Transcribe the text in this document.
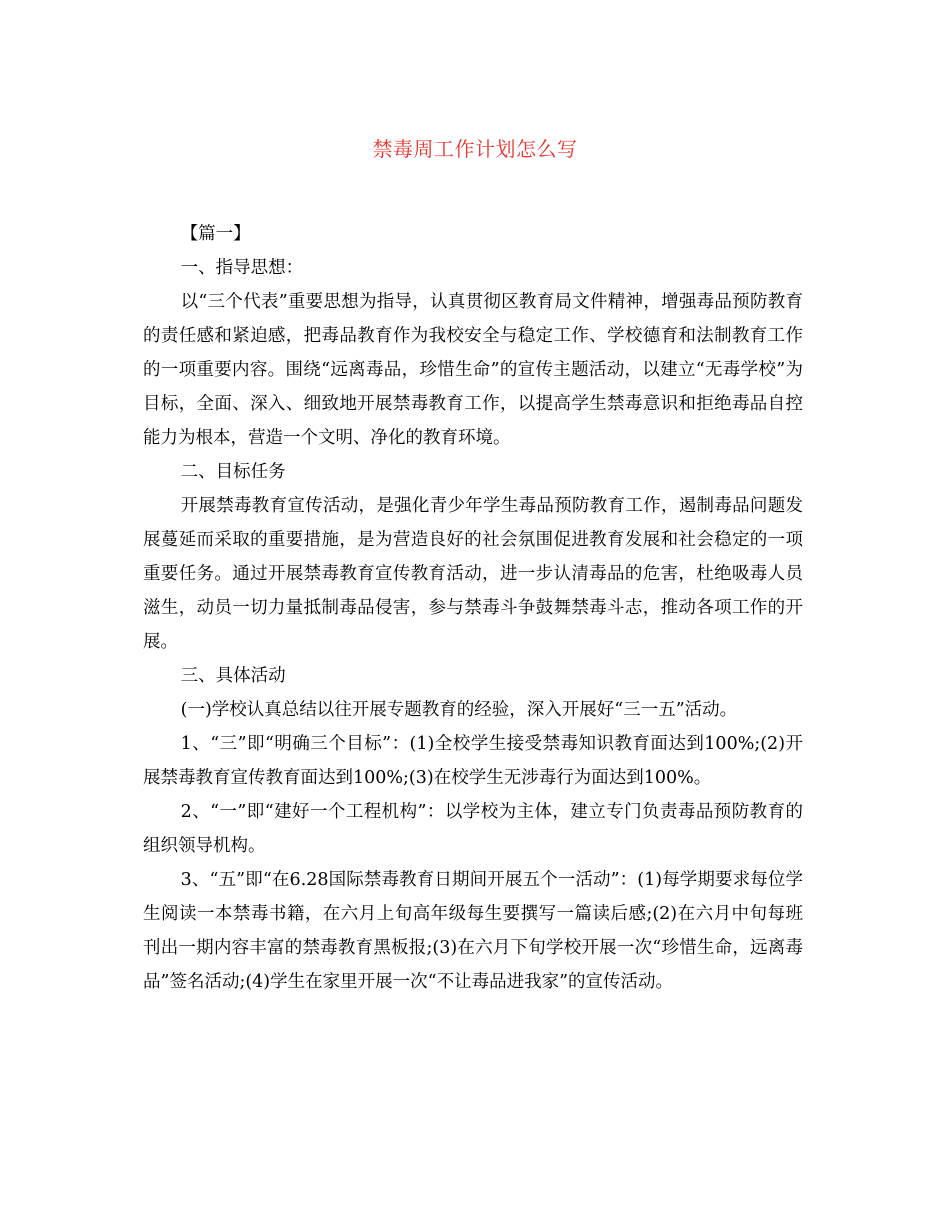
禁毒周工作计划怎么写

【篇一】

一、指导思想：

以“三个代表”重要思想为指导，认真贯彻区教育局文件精神，增强毒品预防教育的责任感和紧迫感，把毒品教育作为我校安全与稳定工作、学校德育和法制教育工作的一项重要内容。围绕“远离毒品，珍惜生命”的宣传主题活动，以建立“无毒学校”为目标，全面、深入、细致地开展禁毒教育工作，以提高学生禁毒意识和拒绝毒品自控能力为根本，营造一个文明、净化的教育环境。

二、目标任务

开展禁毒教育宣传活动，是强化青少年学生毒品预防教育工作，遏制毒品问题发展蔓延而采取的重要措施，是为营造良好的社会氛围促进教育发展和社会稳定的一项重要任务。通过开展禁毒教育宣传教育活动，进一步认清毒品的危害，杜绝吸毒人员滋生，动员一切力量抵制毒品侵害，参与禁毒斗争鼓舞禁毒斗志，推动各项工作的开展。

三、具体活动

(一)学校认真总结以往开展专题教育的经验，深入开展好“三一五”活动。

1、“三”即“明确三个目标”：(1)全校学生接受禁毒知识教育面达到100%;(2)开展禁毒教育宣传教育面达到100%;(3)在校学生无涉毒行为面达到100%。

2、“一”即“建好一个工程机构”：以学校为主体，建立专门负责毒品预防教育的组织领导机构。

3、“五”即“在6.28国际禁毒教育日期间开展五个一活动”：(1)每学期要求每位学生阅读一本禁毒书籍，在六月上旬高年级每生要撰写一篇读后感;(2)在六月中旬每班刊出一期内容丰富的禁毒教育黑板报;(3)在六月下旬学校开展一次“珍惜生命，远离毒品”签名活动;(4)学生在家里开展一次“不让毒品进我家”的宣传活动。
